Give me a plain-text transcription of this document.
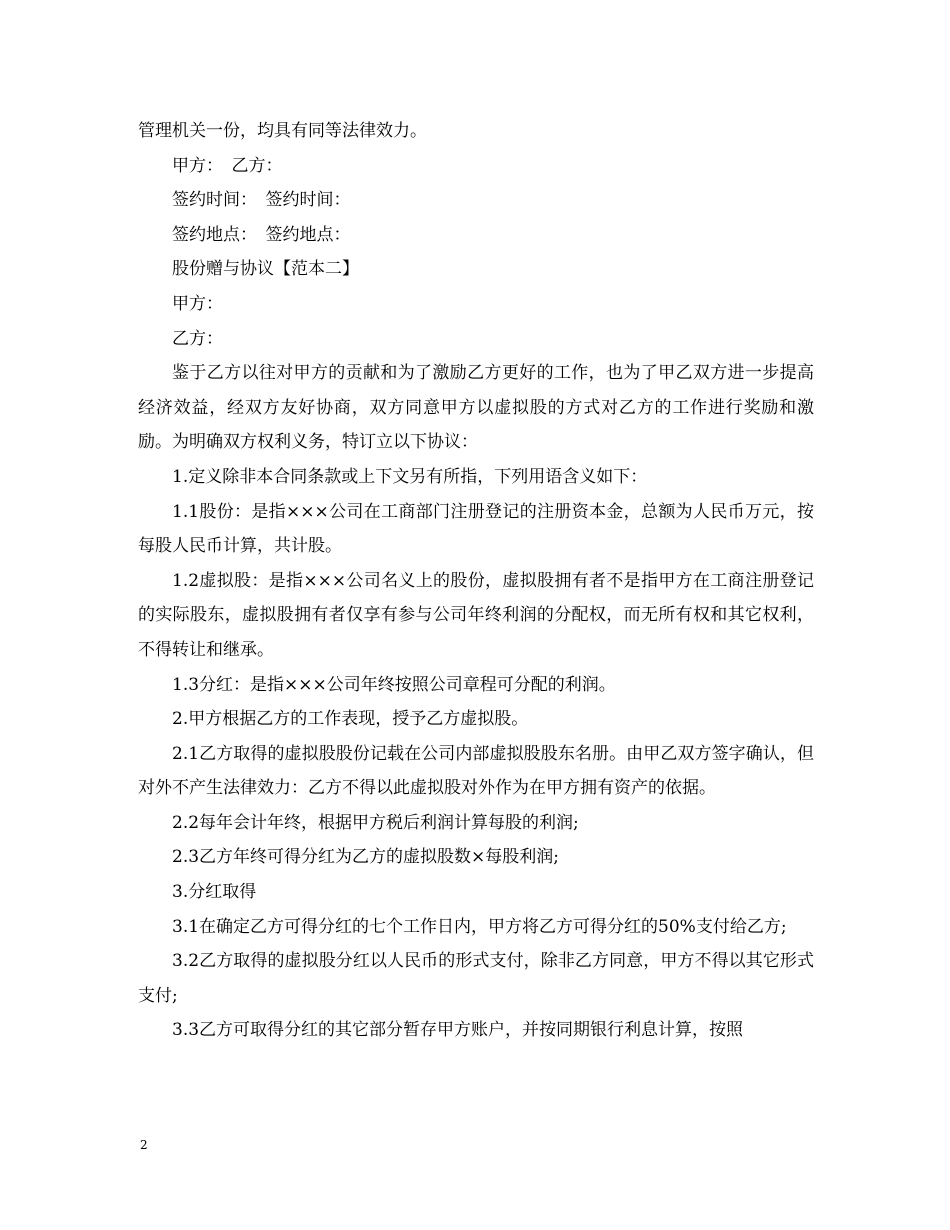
管理机关一份，均具有同等法律效力。

甲方：　乙方：

签约时间：　签约时间：

签约地点：　签约地点：

股份赠与协议【范本二】

甲方：

乙方：

鉴于乙方以往对甲方的贡献和为了激励乙方更好的工作，也为了甲乙双方进一步提高经济效益，经双方友好协商，双方同意甲方以虚拟股的方式对乙方的工作进行奖励和激励。为明确双方权利义务，特订立以下协议：

1.定义除非本合同条款或上下文另有所指，下列用语含义如下：

1.1股份：是指×××公司在工商部门注册登记的注册资本金，总额为人民币万元，按每股人民币计算，共计股。

1.2虚拟股：是指×××公司名义上的股份，虚拟股拥有者不是指甲方在工商注册登记的实际股东，虚拟股拥有者仅享有参与公司年终利润的分配权，而无所有权和其它权利，不得转让和继承。

1.3分红：是指×××公司年终按照公司章程可分配的利润。

2.甲方根据乙方的工作表现，授予乙方虚拟股。

2.1乙方取得的虚拟股股份记载在公司内部虚拟股股东名册。由甲乙双方签字确认，但对外不产生法律效力：乙方不得以此虚拟股对外作为在甲方拥有资产的依据。

2.2每年会计年终，根据甲方税后利润计算每股的利润;

2.3乙方年终可得分红为乙方的虚拟股数×每股利润;

3.分红取得

3.1在确定乙方可得分红的七个工作日内，甲方将乙方可得分红的50%支付给乙方;

3.2乙方取得的虚拟股分红以人民币的形式支付，除非乙方同意，甲方不得以其它形式支付;

3.3乙方可取得分红的其它部分暂存甲方账户，并按同期银行利息计算，按照

2
